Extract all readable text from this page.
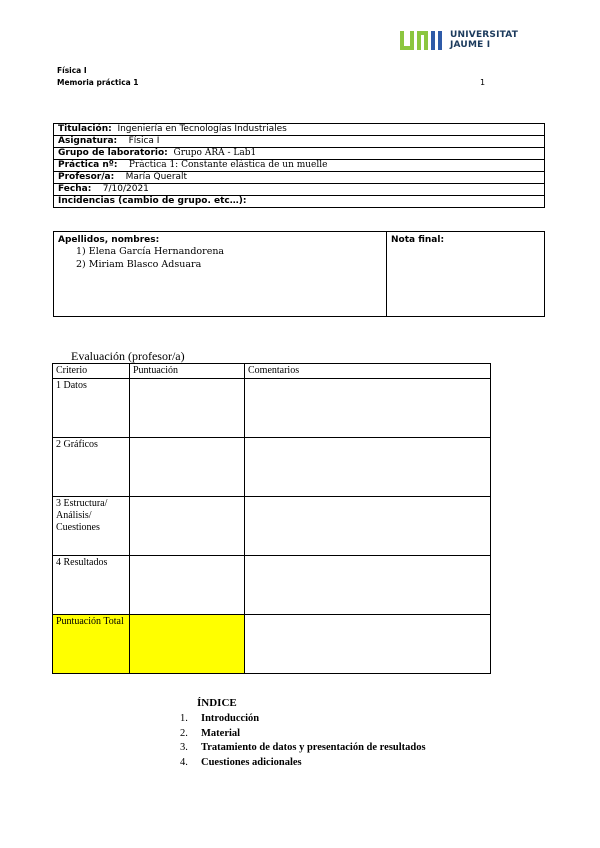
UNIVERSITAT
JAUME I
Física I
Memoria práctica 1	1
Titulación: Ingeniería en Tecnologías Industriales
Asignatura: Física I
Grupo de laboratorio: Grupo ARA - Lab1
Práctica nº: Práctica 1: Constante elástica de un muelle
Profesor/a: María Queralt
Fecha: 7/10/2021
Incidencias (cambio de grupo. etc…):
Apellidos, nombres:
1) Elena García Hernandorena
2) Miriam Blasco Adsuara
	Nota final:
Evaluación (profesor/a)
Criterio	Puntuación	Comentarios
1 Datos		
2 Gráficos		
3 Estructura/ Análisis/ Cuestiones		
4 Resultados		
Puntuación Total		
ÍNDICE
1. Introducción
2. Material
3. Tratamiento de datos y presentación de resultados
4. Cuestiones adicionales
